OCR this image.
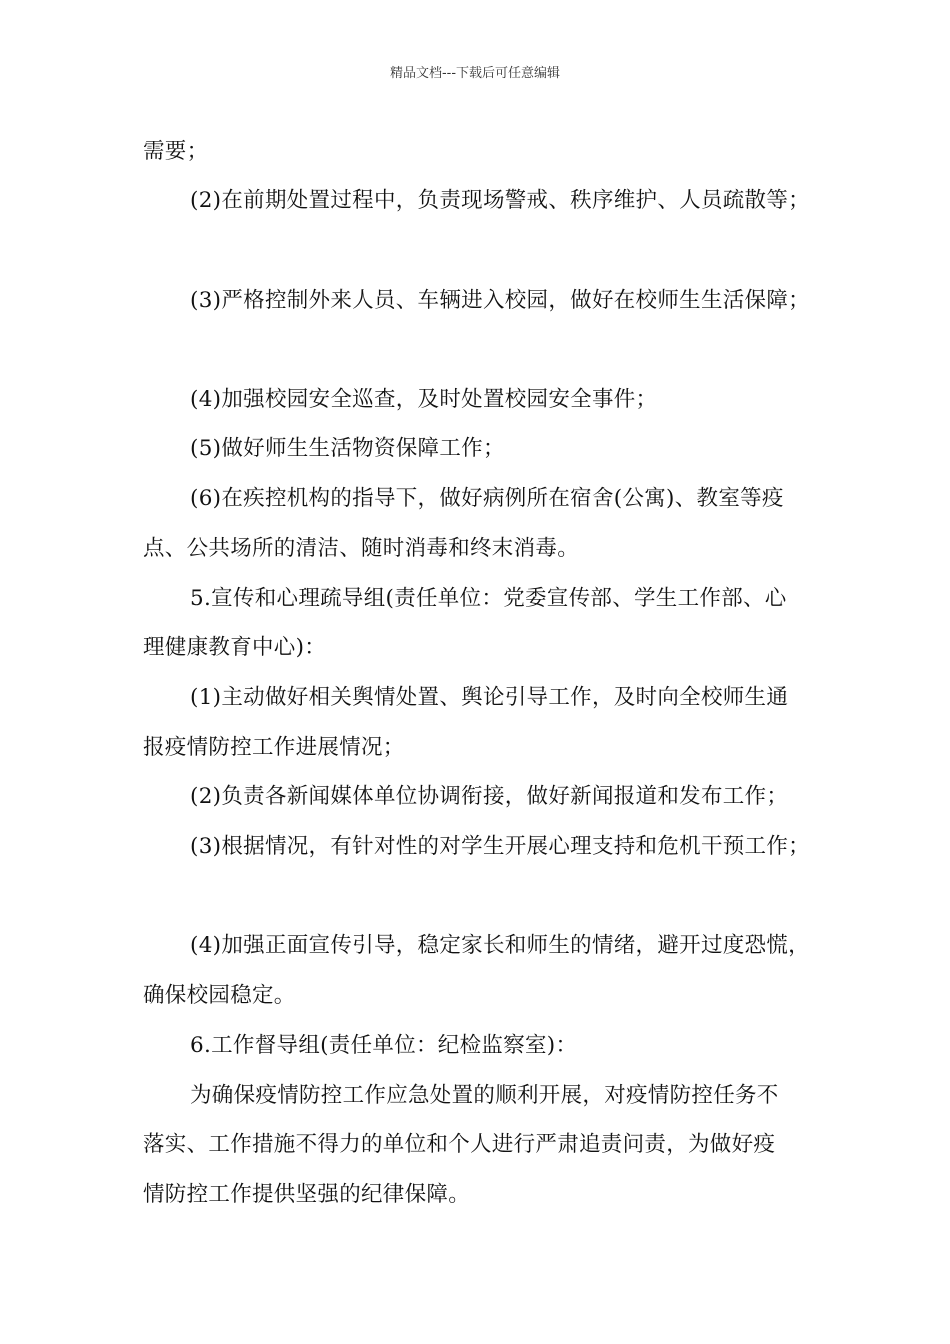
精品文档---下载后可任意编辑
需要；
(2)在前期处置过程中，负责现场警戒、秩序维护、人员疏散等；
(3)严格控制外来人员、车辆进入校园，做好在校师生生活保障；
(4)加强校园安全巡查，及时处置校园安全事件；
(5)做好师生生活物资保障工作；
(6)在疾控机构的指导下，做好病例所在宿舍(公寓)、教室等疫
点、公共场所的清洁、随时消毒和终末消毒。
5.宣传和心理疏导组(责任单位：党委宣传部、学生工作部、心
理健康教育中心)：
(1)主动做好相关舆情处置、舆论引导工作，及时向全校师生通
报疫情防控工作进展情况；
(2)负责各新闻媒体单位协调衔接，做好新闻报道和发布工作；
(3)根据情况，有针对性的对学生开展心理支持和危机干预工作；
(4)加强正面宣传引导，稳定家长和师生的情绪，避开过度恐慌，
确保校园稳定。
6.工作督导组(责任单位：纪检监察室)：
为确保疫情防控工作应急处置的顺利开展，对疫情防控任务不
落实、工作措施不得力的单位和个人进行严肃追责问责，为做好疫
情防控工作提供坚强的纪律保障。
